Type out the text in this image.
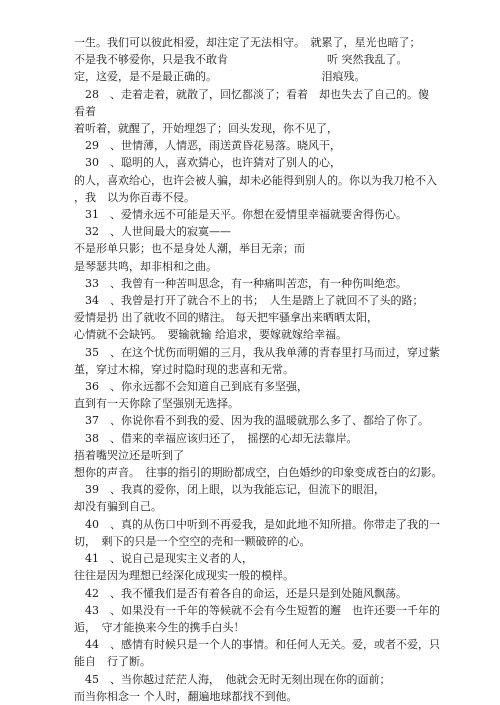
一生。我们可以彼此相爱，却注定了无法相守。　就累了，星光也暗了；
不是我不够爱你，只是我不敢肯　　　　　　　　　听 突然我乱了。
定，这爱，是不是最正确的。　　　　　　　　　　泪痕残。
　28　、走着走着，就散了，回忆都淡了；看着　却也失去了自己的。傻
看着
着听着，就醒了，开始埋怨了；回头发现，你不见了，
　29　、世情薄，人情恶，雨送黄昏花易落。晓风干，
　30　、聪明的人，喜欢猜心，也许猜对了别人的心，
的人，喜欢给心，也许会被人骗，却未必能得到别人的。你以为我刀枪不入
，我　以为你百毒不侵。
　31　、爱情永远不可能是天平。你想在爱情里幸福就要舍得伤心。
　32　、人世间最大的寂寞——
不是形单只影；也不是身处人潮，举目无亲；而
是琴瑟共鸣，却非相和之曲。
　33　、我曾有一种苦叫思念，有一种痛叫苦恋，有一种伤叫绝恋。
　34　、我曾是打开了就合不上的书；　人生是踏上了就回不了头的路；
爱情是扔 出了就收不回的赌注。 每天把牢骚拿出来晒晒太阳，
心情就不会缺钙。　要输就输 给追求，要嫁就嫁给幸福。
　35　、在这个忧伤而明媚的三月，我从我单薄的青春里打马而过，穿过紫
堇，穿过木棉，穿过时隐时现的悲喜和无常。
　36　、你永远都不会知道自己到底有多坚强，
直到有一天你除了坚强别无选择。
　37　、你说你看不到我的爱、因为我的温暖就那么多了、都给了你了。
　38　、借来的幸福应该归还了，　摇摆的心却无法靠岸。
捂着嘴哭泣还是听到了
想你的声音。　往事的指引的期盼都成空，白色婚纱的印象变成苍白的幻影。
　39　、我真的爱你，闭上眼，以为我能忘记，但流下的眼泪，
却没有骗到自己。
　40　、真的从伤口中听到不再爱我，是如此地不知所措。你带走了我的一
切，　剩下的只是一个空空的壳和一颗破碎的心。
　41　、说自己是现实主义者的人，
往往是因为理想已经深化成现实一般的模样。
　42　、我不懂我们是否有着各自的命运，还是只是到处随风飘荡。
　43　、如果没有一千年的等候就不会有今生短暂的邂　也许还要一千年的
逅，　守才能换来今生的携手白头！
　44　、感情有时候只是一个人的事情。和任何人无关。爱，或者不爱，只
能自　行了断。
　45　、当你越过茫茫人海，　他就会无时无刻出现在你的面前；
而当你相念一 个人时，翻遍地球都找不到他。
